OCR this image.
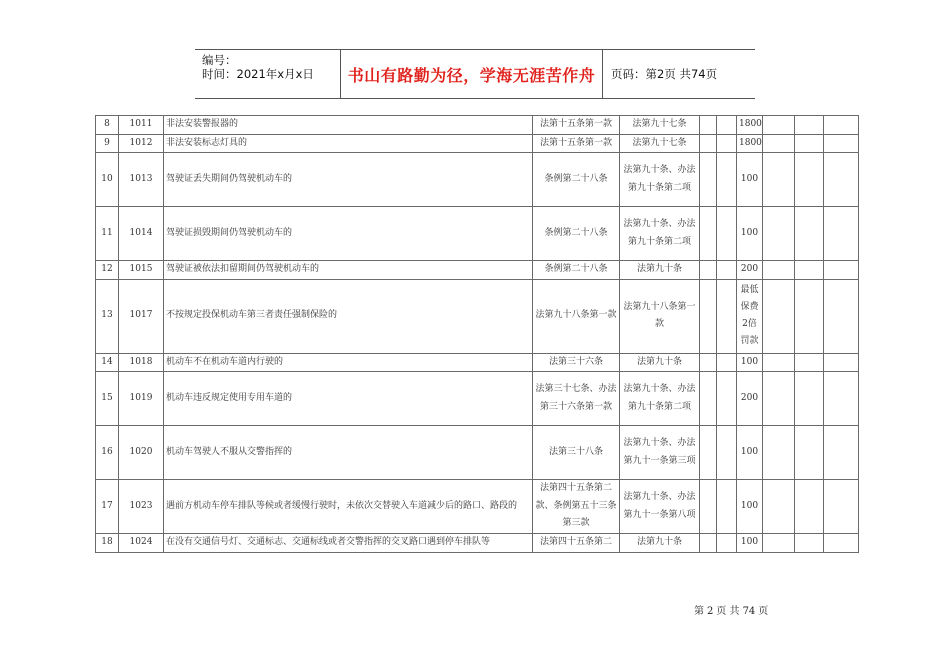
编号：
时间：2021年x月x日	书山有路勤为径，学海无涯苦作舟	页码：第2页 共74页
8	1011	非法安装警报器的	法第十五条第一款	法第九十七条			1800			
9	1012	非法安装标志灯具的	法第十五条第一款	法第九十七条			1800			
10	1013	驾驶证丢失期间仍驾驶机动车的	条例第二十八条	法第九十条、办法第九十条第二项			100			
11	1014	驾驶证损毁期间仍驾驶机动车的	条例第二十八条	法第九十条、办法第九十条第二项			100			
12	1015	驾驶证被依法扣留期间仍驾驶机动车的	条例第二十八条	法第九十条			200			
13	1017	不按规定投保机动车第三者责任强制保险的	法第九十八条第一款	法第九十八条第一款			最低保费2倍罚款			
14	1018	机动车不在机动车道内行驶的	法第三十六条	法第九十条			100			
15	1019	机动车违反规定使用专用车道的	法第三十七条、办法第三十六条第一款	法第九十条、办法第九十条第二项			200			
16	1020	机动车驾驶人不服从交警指挥的	法第三十八条	法第九十条、办法第九十一条第三项			100			
17	1023	遇前方机动车停车排队等候或者缓慢行驶时，未依次交替驶入车道减少后的路口、路段的	法第四十五条第二款、条例第五十三条第三款	法第九十条、办法第九十一条第八项			100			
18	1024	在没有交通信号灯、交通标志、交通标线或者交警指挥的交叉路口遇到停车排队等	法第四十五条第二	法第九十条			100			
第 2 页 共 74 页
